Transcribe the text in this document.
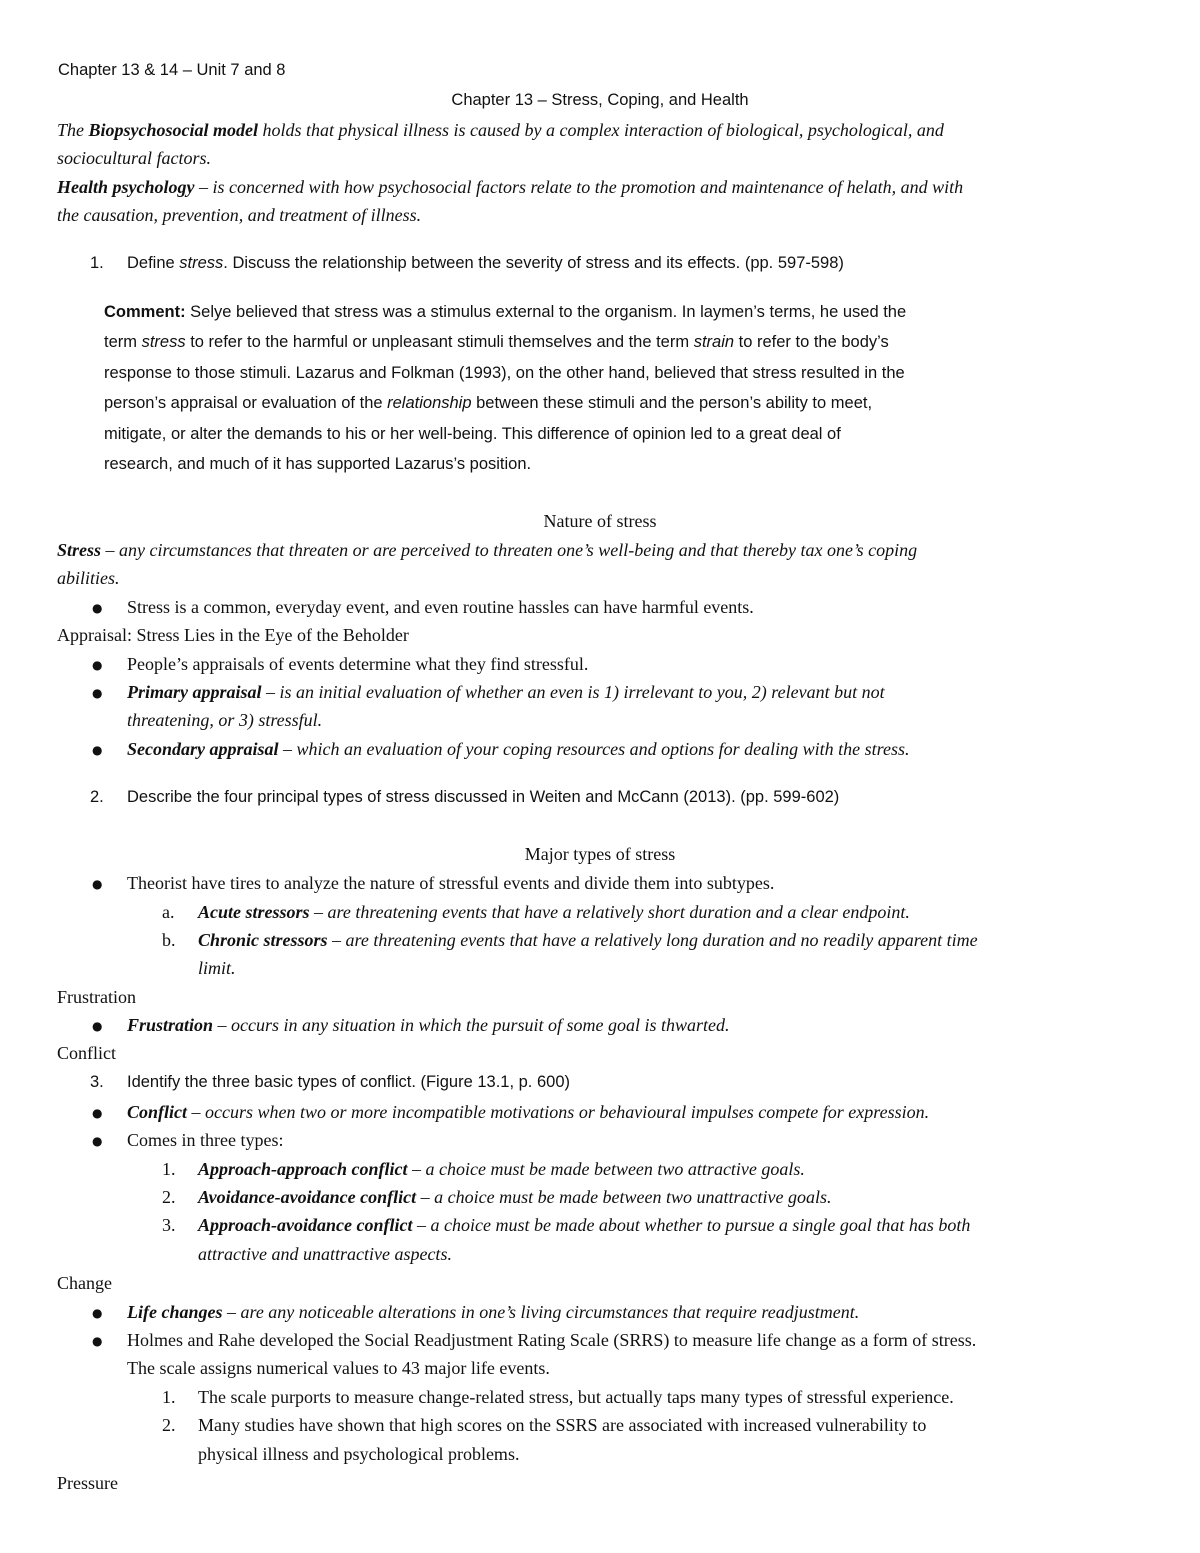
Chapter 13 & 14 – Unit 7 and 8
Chapter 13 – Stress, Coping, and Health
The Biopsychosocial model holds that physical illness is caused by a complex interaction of biological, psychological, and
sociocultural factors.
Health psychology – is concerned with how psychosocial factors relate to the promotion and maintenance of helath, and with
the causation, prevention, and treatment of illness.
1. Define stress. Discuss the relationship between the severity of stress and its effects. (pp. 597-598)
Comment: Selye believed that stress was a stimulus external to the organism. In laymen’s terms, he used the
term stress to refer to the harmful or unpleasant stimuli themselves and the term strain to refer to the body’s
response to those stimuli. Lazarus and Folkman (1993), on the other hand, believed that stress resulted in the
person’s appraisal or evaluation of the relationship between these stimuli and the person’s ability to meet,
mitigate, or alter the demands to his or her well-being. This difference of opinion led to a great deal of
research, and much of it has supported Lazarus’s position.
Nature of stress
Stress – any circumstances that threaten or are perceived to threaten one’s well-being and that thereby tax one’s coping
abilities.
● Stress is a common, everyday event, and even routine hassles can have harmful events.
Appraisal: Stress Lies in the Eye of the Beholder
● People’s appraisals of events determine what they find stressful.
● Primary appraisal – is an initial evaluation of whether an even is 1) irrelevant to you, 2) relevant but not
threatening, or 3) stressful.
● Secondary appraisal – which an evaluation of your coping resources and options for dealing with the stress.
2. Describe the four principal types of stress discussed in Weiten and McCann (2013). (pp. 599-602)
Major types of stress
● Theorist have tires to analyze the nature of stressful events and divide them into subtypes.
a. Acute stressors – are threatening events that have a relatively short duration and a clear endpoint.
b. Chronic stressors – are threatening events that have a relatively long duration and no readily apparent time
limit.
Frustration
● Frustration – occurs in any situation in which the pursuit of some goal is thwarted.
Conflict
3. Identify the three basic types of conflict. (Figure 13.1, p. 600)
● Conflict – occurs when two or more incompatible motivations or behavioural impulses compete for expression.
● Comes in three types:
1. Approach-approach conflict – a choice must be made between two attractive goals.
2. Avoidance-avoidance conflict – a choice must be made between two unattractive goals.
3. Approach-avoidance conflict – a choice must be made about whether to pursue a single goal that has both
attractive and unattractive aspects.
Change
● Life changes – are any noticeable alterations in one’s living circumstances that require readjustment.
● Holmes and Rahe developed the Social Readjustment Rating Scale (SRRS) to measure life change as a form of stress.
The scale assigns numerical values to 43 major life events.
1. The scale purports to measure change-related stress, but actually taps many types of stressful experience.
2. Many studies have shown that high scores on the SSRS are associated with increased vulnerability to
physical illness and psychological problems.
Pressure
